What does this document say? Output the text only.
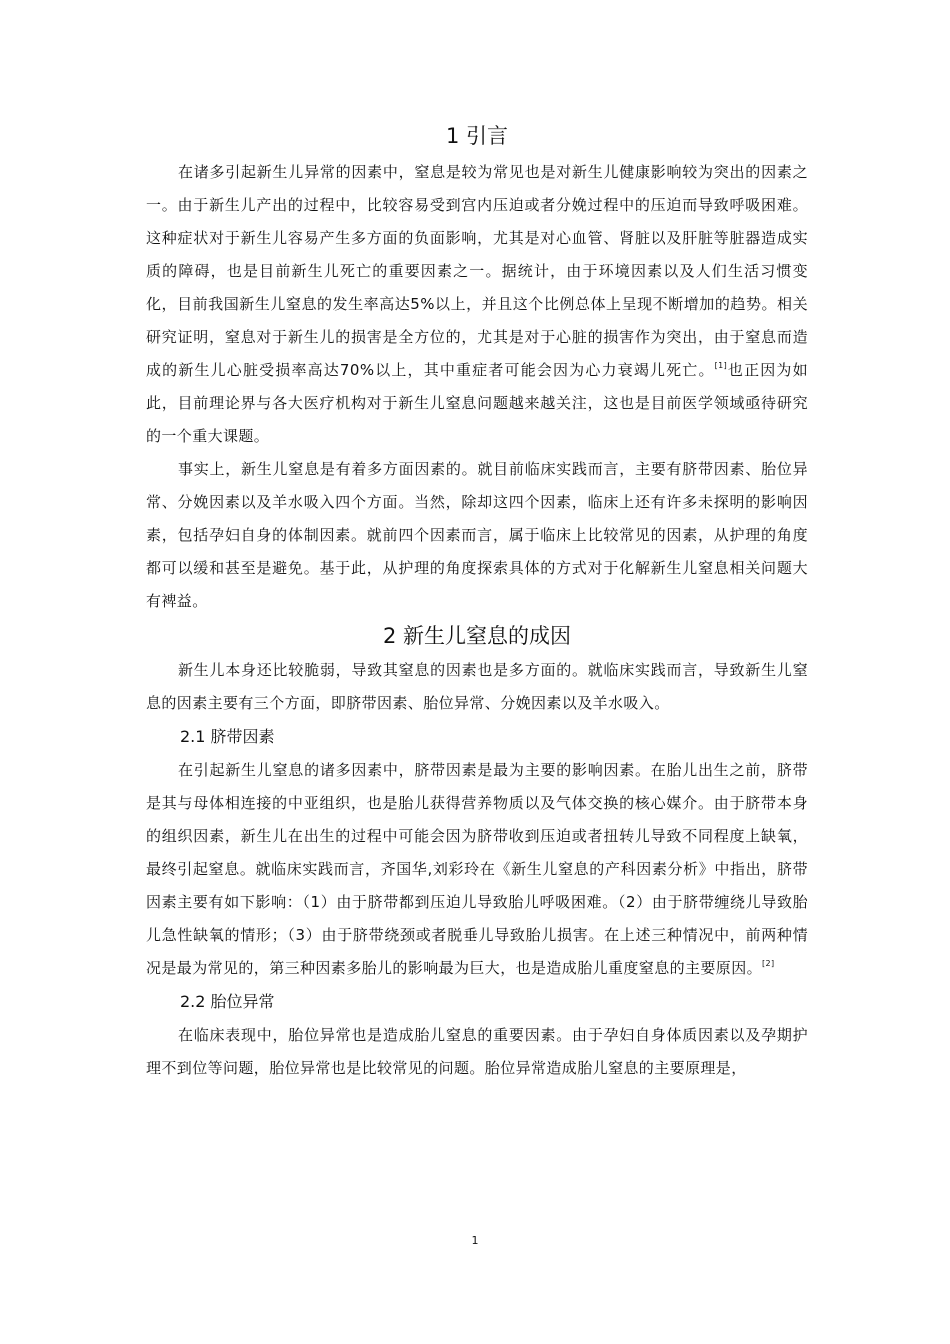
1 引言

在诸多引起新生儿异常的因素中，窒息是较为常见也是对新生儿健康影响较为突出的因素之一。由于新生儿产出的过程中，比较容易受到宫内压迫或者分娩过程中的压迫而导致呼吸困难。这种症状对于新生儿容易产生多方面的负面影响，尤其是对心血管、肾脏以及肝脏等脏器造成实质的障碍，也是目前新生儿死亡的重要因素之一。据统计，由于环境因素以及人们生活习惯变化，目前我国新生儿窒息的发生率高达5%以上，并且这个比例总体上呈现不断增加的趋势。相关研究证明，窒息对于新生儿的损害是全方位的，尤其是对于心脏的损害作为突出，由于窒息而造成的新生儿心脏受损率高达70%以上，其中重症者可能会因为心力衰竭儿死亡。[1]也正因为如此，目前理论界与各大医疗机构对于新生儿窒息问题越来越关注，这也是目前医学领域亟待研究的一个重大课题。

事实上，新生儿窒息是有着多方面因素的。就目前临床实践而言，主要有脐带因素、胎位异常、分娩因素以及羊水吸入四个方面。当然，除却这四个因素，临床上还有许多未探明的影响因素，包括孕妇自身的体制因素。就前四个因素而言，属于临床上比较常见的因素，从护理的角度都可以缓和甚至是避免。基于此，从护理的角度探索具体的方式对于化解新生儿窒息相关问题大有裨益。

2 新生儿窒息的成因

新生儿本身还比较脆弱，导致其窒息的因素也是多方面的。就临床实践而言，导致新生儿窒息的因素主要有三个方面，即脐带因素、胎位异常、分娩因素以及羊水吸入。

2.1 脐带因素

在引起新生儿窒息的诸多因素中，脐带因素是最为主要的影响因素。在胎儿出生之前，脐带是其与母体相连接的中亚组织，也是胎儿获得营养物质以及气体交换的核心媒介。由于脐带本身的组织因素，新生儿在出生的过程中可能会因为脐带收到压迫或者扭转儿导致不同程度上缺氧，最终引起窒息。就临床实践而言，齐国华,刘彩玲在《新生儿窒息的产科因素分析》中指出，脐带因素主要有如下影响：（1）由于脐带都到压迫儿导致胎儿呼吸困难。（2）由于脐带缠绕儿导致胎儿急性缺氧的情形；（3）由于脐带绕颈或者脱垂儿导致胎儿损害。在上述三种情况中，前两种情况是最为常见的，第三种因素多胎儿的影响最为巨大，也是造成胎儿重度窒息的主要原因。[2]

2.2 胎位异常

在临床表现中，胎位异常也是造成胎儿窒息的重要因素。由于孕妇自身体质因素以及孕期护理不到位等问题，胎位异常也是比较常见的问题。胎位异常造成胎儿窒息的主要原理是，

1
